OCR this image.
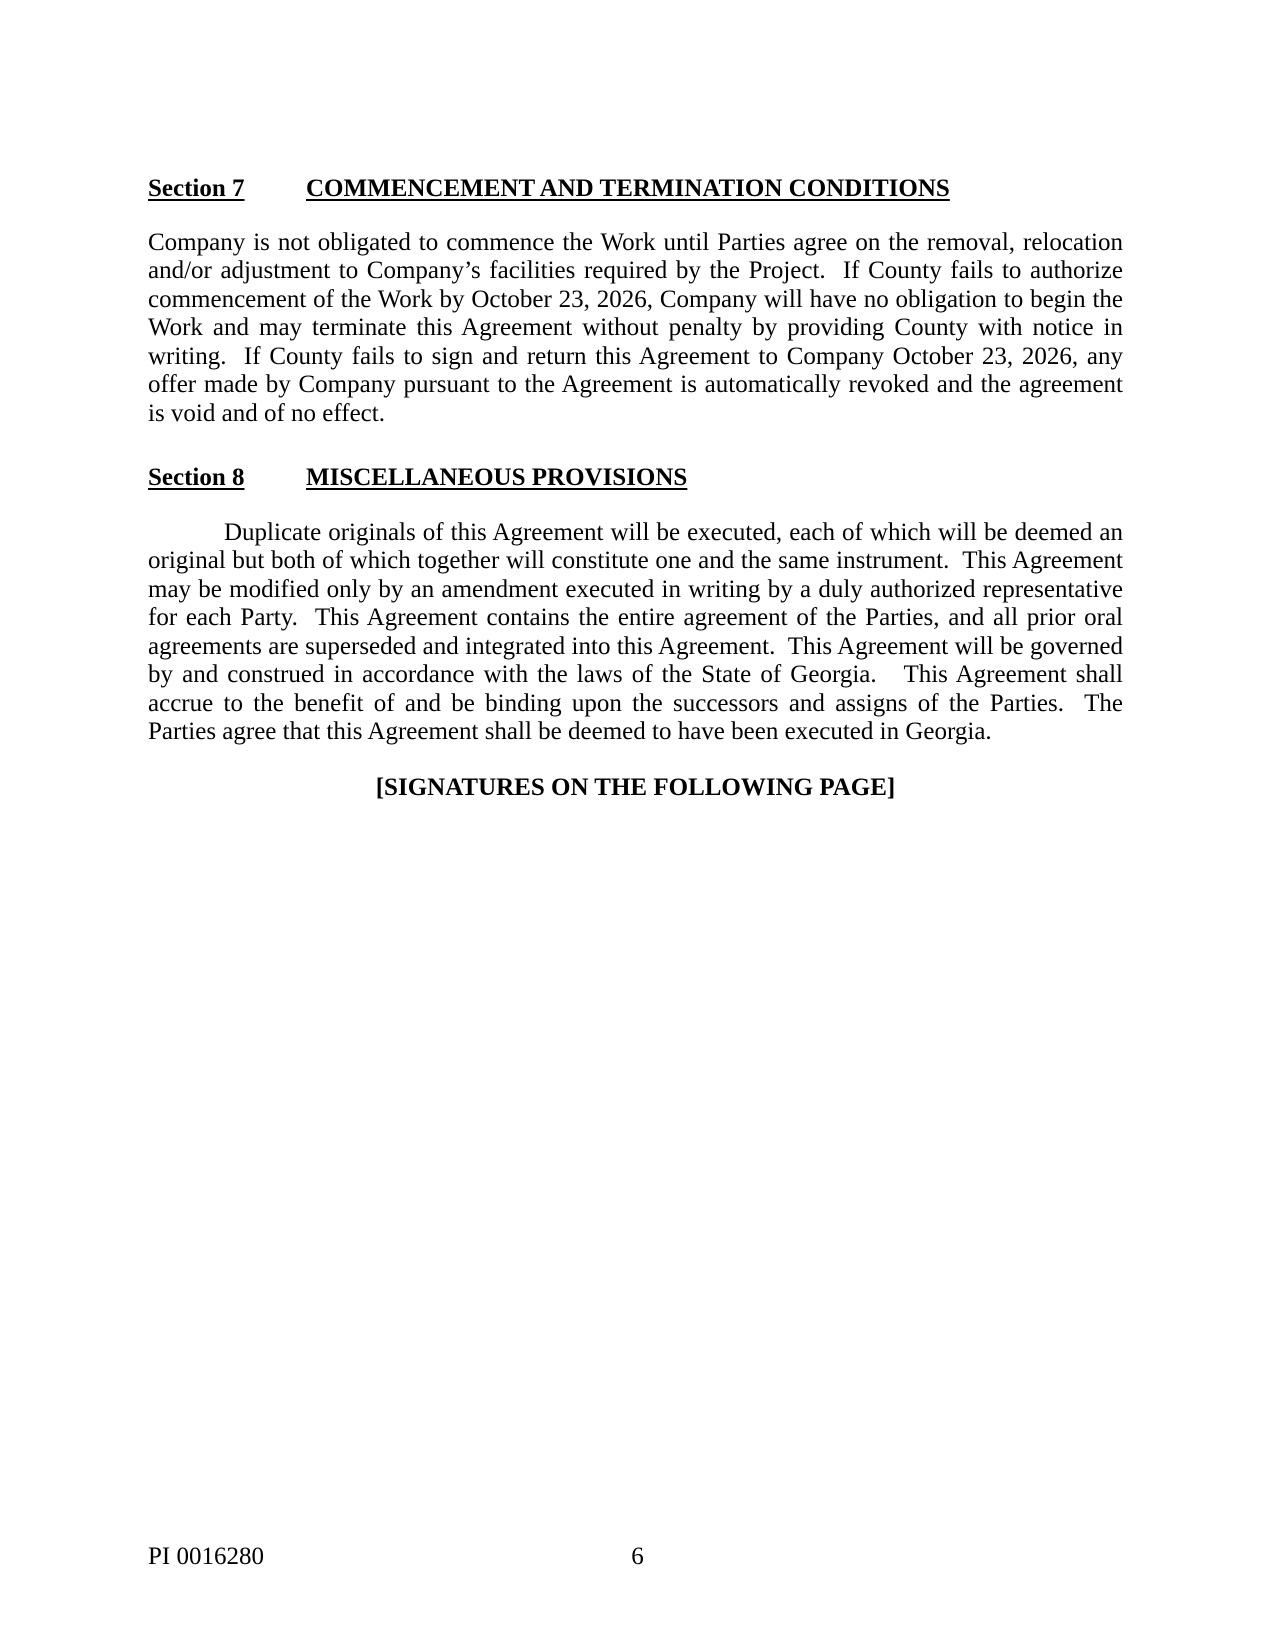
Section 7 COMMENCEMENT AND TERMINATION CONDITIONS

Company is not obligated to commence the Work until Parties agree on the removal, relocation and/or adjustment to Company’s facilities required by the Project.  If County fails to authorize commencement of the Work by October 23, 2026, Company will have no obligation to begin the Work and may terminate this Agreement without penalty by providing County with notice in writing.  If County fails to sign and return this Agreement to Company October 23, 2026, any offer made by Company pursuant to the Agreement is automatically revoked and the agreement is void and of no effect.

Section 8 MISCELLANEOUS PROVISIONS

Duplicate originals of this Agreement will be executed, each of which will be deemed an original but both of which together will constitute one and the same instrument.  This Agreement may be modified only by an amendment executed in writing by a duly authorized representative for each Party.  This Agreement contains the entire agreement of the Parties, and all prior oral agreements are superseded and integrated into this Agreement.  This Agreement will be governed by and construed in accordance with the laws of the State of Georgia.   This Agreement shall accrue to the benefit of and be binding upon the successors and assigns of the Parties.  The Parties agree that this Agreement shall be deemed to have been executed in Georgia.

[SIGNATURES ON THE FOLLOWING PAGE]

PI 0016280	6
